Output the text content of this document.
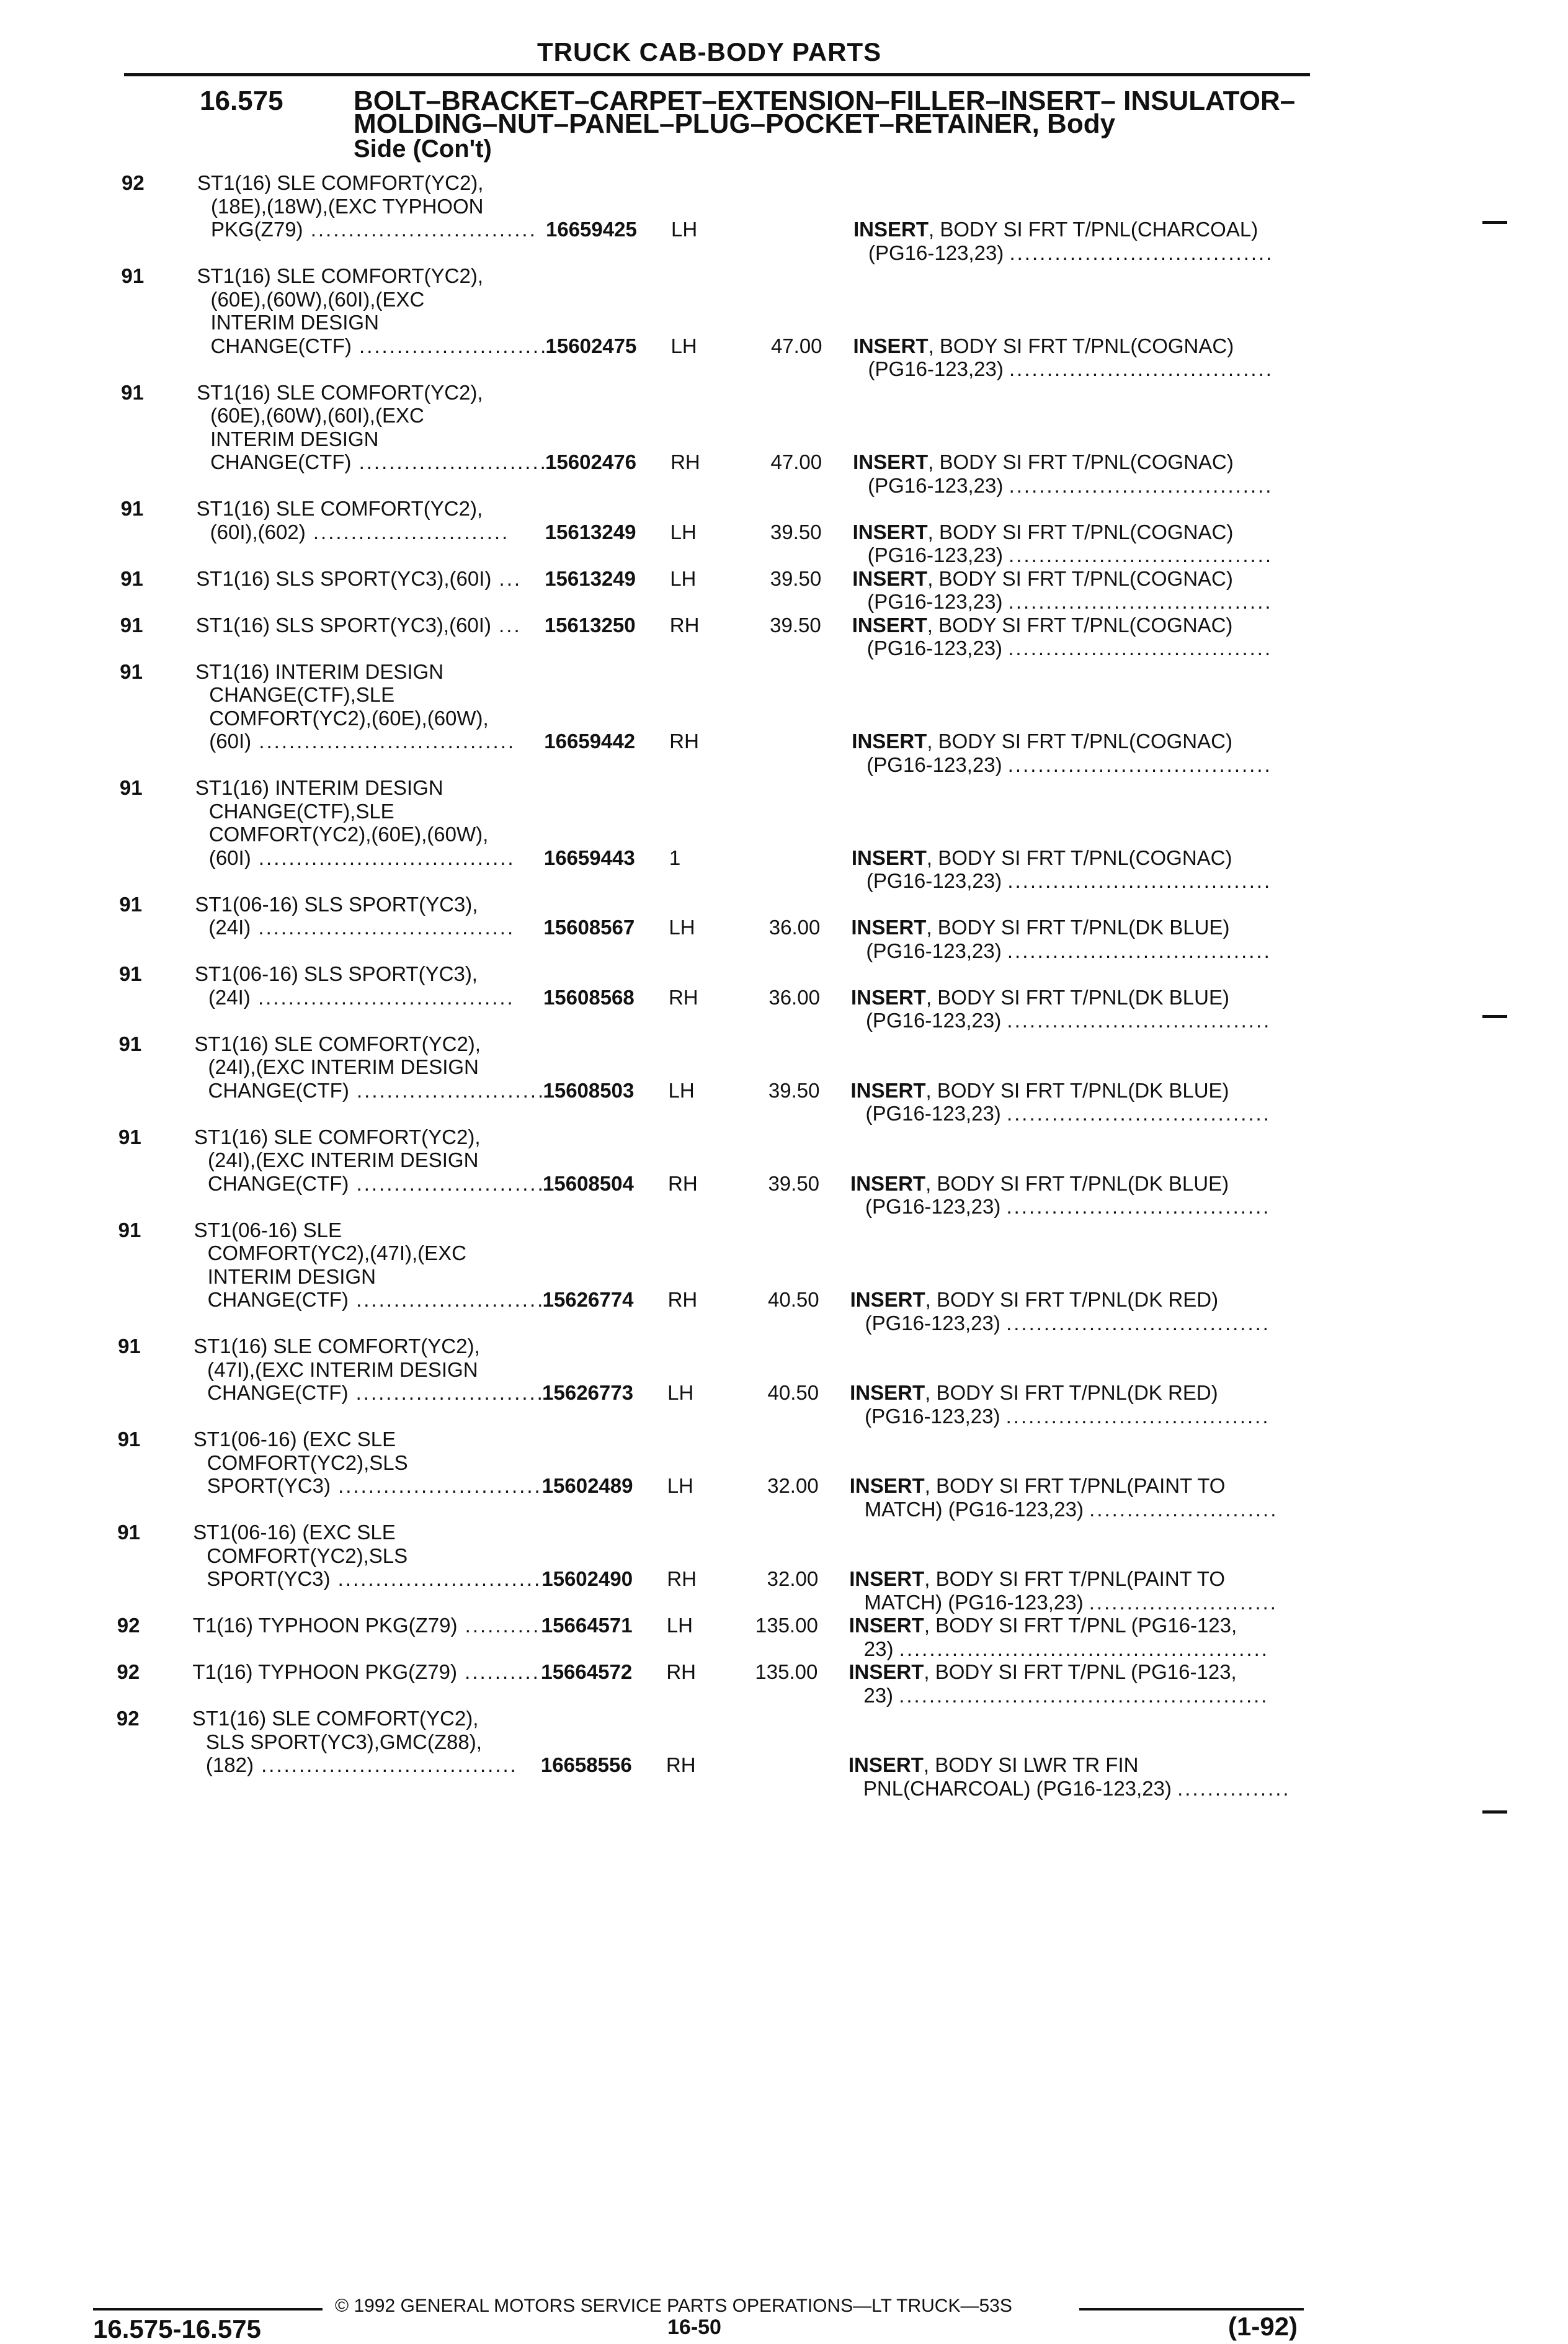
TRUCK CAB-BODY PARTS
16.575	BOLT–BRACKET–CARPET–EXTENSION–FILLER–INSERT– INSULATOR–MOLDING–NUT–PANEL–PLUG–POCKET–RETAINER, Body
Side (Con't)
92	ST1(16) SLE COMFORT(YC2),
(18E),(18W),(EXC TYPHOON
PKG(Z79) .............................. 16659425 LH	INSERT, BODY SI FRT T/PNL(CHARCOAL)
(PG16-123,23) ...................................
91	ST1(16) SLE COMFORT(YC2),
(60E),(60W),(60I),(EXC
INTERIM DESIGN
CHANGE(CTF) ..........................
15602475 LH	47.00 INSERT, BODY SI FRT T/PNL(COGNAC)
(PG16-123,23) ...................................
91	ST1(16) SLE COMFORT(YC2),
(60E),(60W),(60I),(EXC
INTERIM DESIGN
CHANGE(CTF) ..........................
15602476 RH	47.00 INSERT, BODY SI FRT T/PNL(COGNAC)
(PG16-123,23) ...................................
91	ST1(16) SLE COMFORT(YC2),
(60I),(602) .......................... 15613249 LH	39.50 INSERT, BODY SI FRT T/PNL(COGNAC)
(PG16-123,23) ...................................
91	ST1(16) SLS SPORT(YC3),(60I) ... 15613249 LH	39.50 INSERT, BODY SI FRT T/PNL(COGNAC)
(PG16-123,23) ...................................
91	ST1(16) SLS SPORT(YC3),(60I) ... 15613250 RH	39.50 INSERT, BODY SI FRT T/PNL(COGNAC)
(PG16-123,23) ...................................
91	ST1(16) INTERIM DESIGN
CHANGE(CTF),SLE
COMFORT(YC2),(60E),(60W),
(60I) .................................. 16659442 RH	INSERT, BODY SI FRT T/PNL(COGNAC)
(PG16-123,23) ...................................
91	ST1(16) INTERIM DESIGN
CHANGE(CTF),SLE
COMFORT(YC2),(60E),(60W),
(60I) .................................. 16659443 1	INSERT, BODY SI FRT T/PNL(COGNAC)
(PG16-123,23) ...................................
91	ST1(06-16) SLS SPORT(YC3),
(24I) .................................. 15608567 LH	36.00 INSERT, BODY SI FRT T/PNL(DK BLUE)
(PG16-123,23) ...................................
91	ST1(06-16) SLS SPORT(YC3),
(24I) .................................. 15608568 RH	36.00 INSERT, BODY SI FRT T/PNL(DK BLUE)
(PG16-123,23) ...................................
91	ST1(16) SLE COMFORT(YC2),
(24I),(EXC INTERIM DESIGN
CHANGE(CTF) ..........................
15608503 LH	39.50 INSERT, BODY SI FRT T/PNL(DK BLUE)
(PG16-123,23) ...................................
91	ST1(16) SLE COMFORT(YC2),
(24I),(EXC INTERIM DESIGN
CHANGE(CTF) ..........................
15608504 RH	39.50 INSERT, BODY SI FRT T/PNL(DK BLUE)
(PG16-123,23) ...................................
91	ST1(06-16) SLE
COMFORT(YC2),(47I),(EXC
INTERIM DESIGN
CHANGE(CTF) ..........................
15626774 RH	40.50 INSERT, BODY SI FRT T/PNL(DK RED)
(PG16-123,23) ...................................
91	ST1(16) SLE COMFORT(YC2),
(47I),(EXC INTERIM DESIGN
CHANGE(CTF) ..........................
15626773 LH	40.50 INSERT, BODY SI FRT T/PNL(DK RED)
(PG16-123,23) ...................................
91	ST1(06-16) (EXC SLE
COMFORT(YC2),SLS
SPORT(YC3) ........................... 15602489 LH	32.00 INSERT, BODY SI FRT T/PNL(PAINT TO
MATCH) (PG16-123,23) .........................
91	ST1(06-16) (EXC SLE
COMFORT(YC2),SLS
SPORT(YC3) ........................... 15602490 RH	32.00 INSERT, BODY SI FRT T/PNL(PAINT TO
MATCH) (PG16-123,23) .........................
92	T1(16) TYPHOON PKG(Z79) ...........
15664571 LH	135.00 INSERT, BODY SI FRT T/PNL (PG16-123,
23) .................................................
92	T1(16) TYPHOON PKG(Z79) ...........
15664572 RH	135.00 INSERT, BODY SI FRT T/PNL (PG16-123,
23) .................................................
92	ST1(16) SLE COMFORT(YC2),
SLS SPORT(YC3),GMC(Z88),
(182) .................................. 16658556 RH	INSERT, BODY SI LWR TR FIN
PNL(CHARCOAL) (PG16-123,23) ...............
© 1992 GENERAL MOTORS SERVICE PARTS OPERATIONS—LT TRUCK—53S
16.575-16.575	16-50	(1-92)
